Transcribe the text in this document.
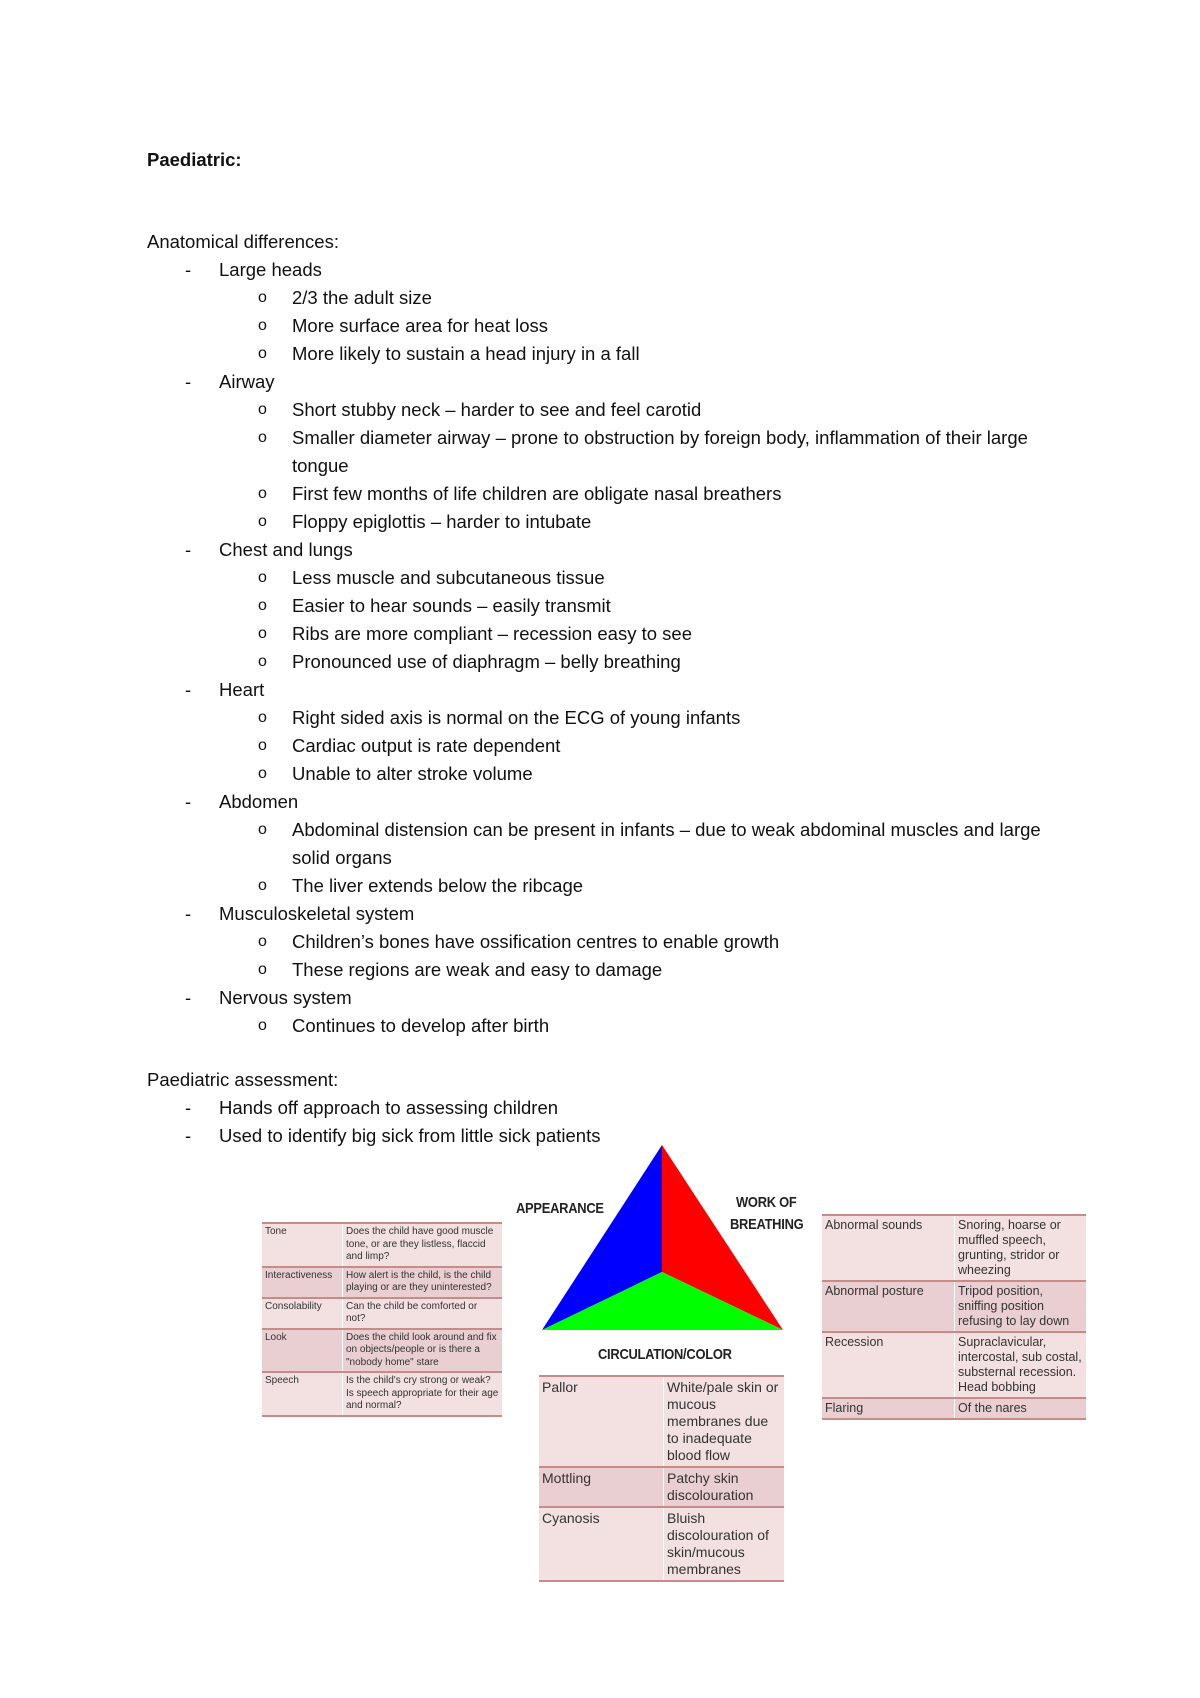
Paediatric:
Anatomical differences:
- Large heads
o 2/3 the adult size
o More surface area for heat loss
o More likely to sustain a head injury in a fall
- Airway
o Short stubby neck – harder to see and feel carotid
o Smaller diameter airway – prone to obstruction by foreign body, inflammation of their large tongue
o First few months of life children are obligate nasal breathers
o Floppy epiglottis – harder to intubate
- Chest and lungs
o Less muscle and subcutaneous tissue
o Easier to hear sounds – easily transmit
o Ribs are more compliant – recession easy to see
o Pronounced use of diaphragm – belly breathing
- Heart
o Right sided axis is normal on the ECG of young infants
o Cardiac output is rate dependent
o Unable to alter stroke volume
- Abdomen
o Abdominal distension can be present in infants – due to weak abdominal muscles and large solid organs
o The liver extends below the ribcage
- Musculoskeletal system
o Children’s bones have ossification centres to enable growth
o These regions are weak and easy to damage
- Nervous system
o Continues to develop after birth
Paediatric assessment:
- Hands off approach to assessing children
- Used to identify big sick from little sick patients
APPEARANCE	WORK OF
BREATHING
CIRCULATION/COLOR
Tone	Does the child have good muscle tone, or are they listless, flaccid and limp?
Interactiveness	How alert is the child, is the child playing or are they uninterested?
Consolability	Can the child be comforted or not?
Look	Does the child look around and fix on objects/people or is there a "nobody home" stare
Speech	Is the child's cry strong or weak? Is speech appropriate for their age and normal?
Pallor	White/pale skin or mucous membranes due to inadequate blood flow
Mottling	Patchy skin discolouration
Cyanosis	Bluish discolouration of skin/mucous membranes
Abnormal sounds	Snoring, hoarse or muffled speech, grunting, stridor or wheezing
Abnormal posture	Tripod position, sniffing position refusing to lay down
Recession	Supraclavicular, intercostal, sub costal, substernal recession. Head bobbing
Flaring	Of the nares
